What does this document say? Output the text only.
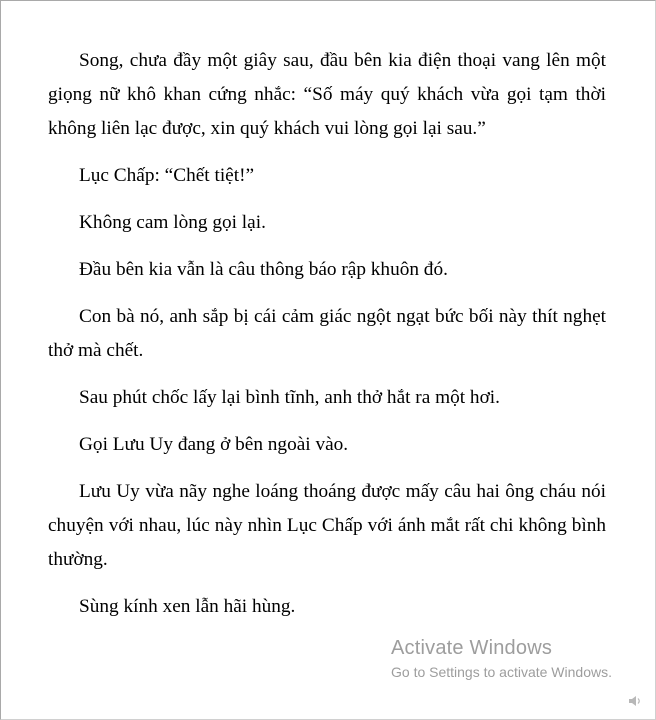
Song, chưa đầy một giây sau, đầu bên kia điện thoại vang lên một giọng nữ khô khan cứng nhắc: “Số máy quý khách vừa gọi tạm thời không liên lạc được, xin quý khách vui lòng gọi lại sau.”

Lục Chấp: “Chết tiệt!”

Không cam lòng gọi lại.

Đầu bên kia vẫn là câu thông báo rập khuôn đó.

Con bà nó, anh sắp bị cái cảm giác ngột ngạt bức bối này thít nghẹt thở mà chết.

Sau phút chốc lấy lại bình tĩnh, anh thở hắt ra một hơi.

Gọi Lưu Uy đang ở bên ngoài vào.

Lưu Uy vừa nãy nghe loáng thoáng được mấy câu hai ông cháu nói chuyện với nhau, lúc này nhìn Lục Chấp với ánh mắt rất chi không bình thường.

Sùng kính xen lẫn hãi hùng.

Activate Windows
Go to Settings to activate Windows.
